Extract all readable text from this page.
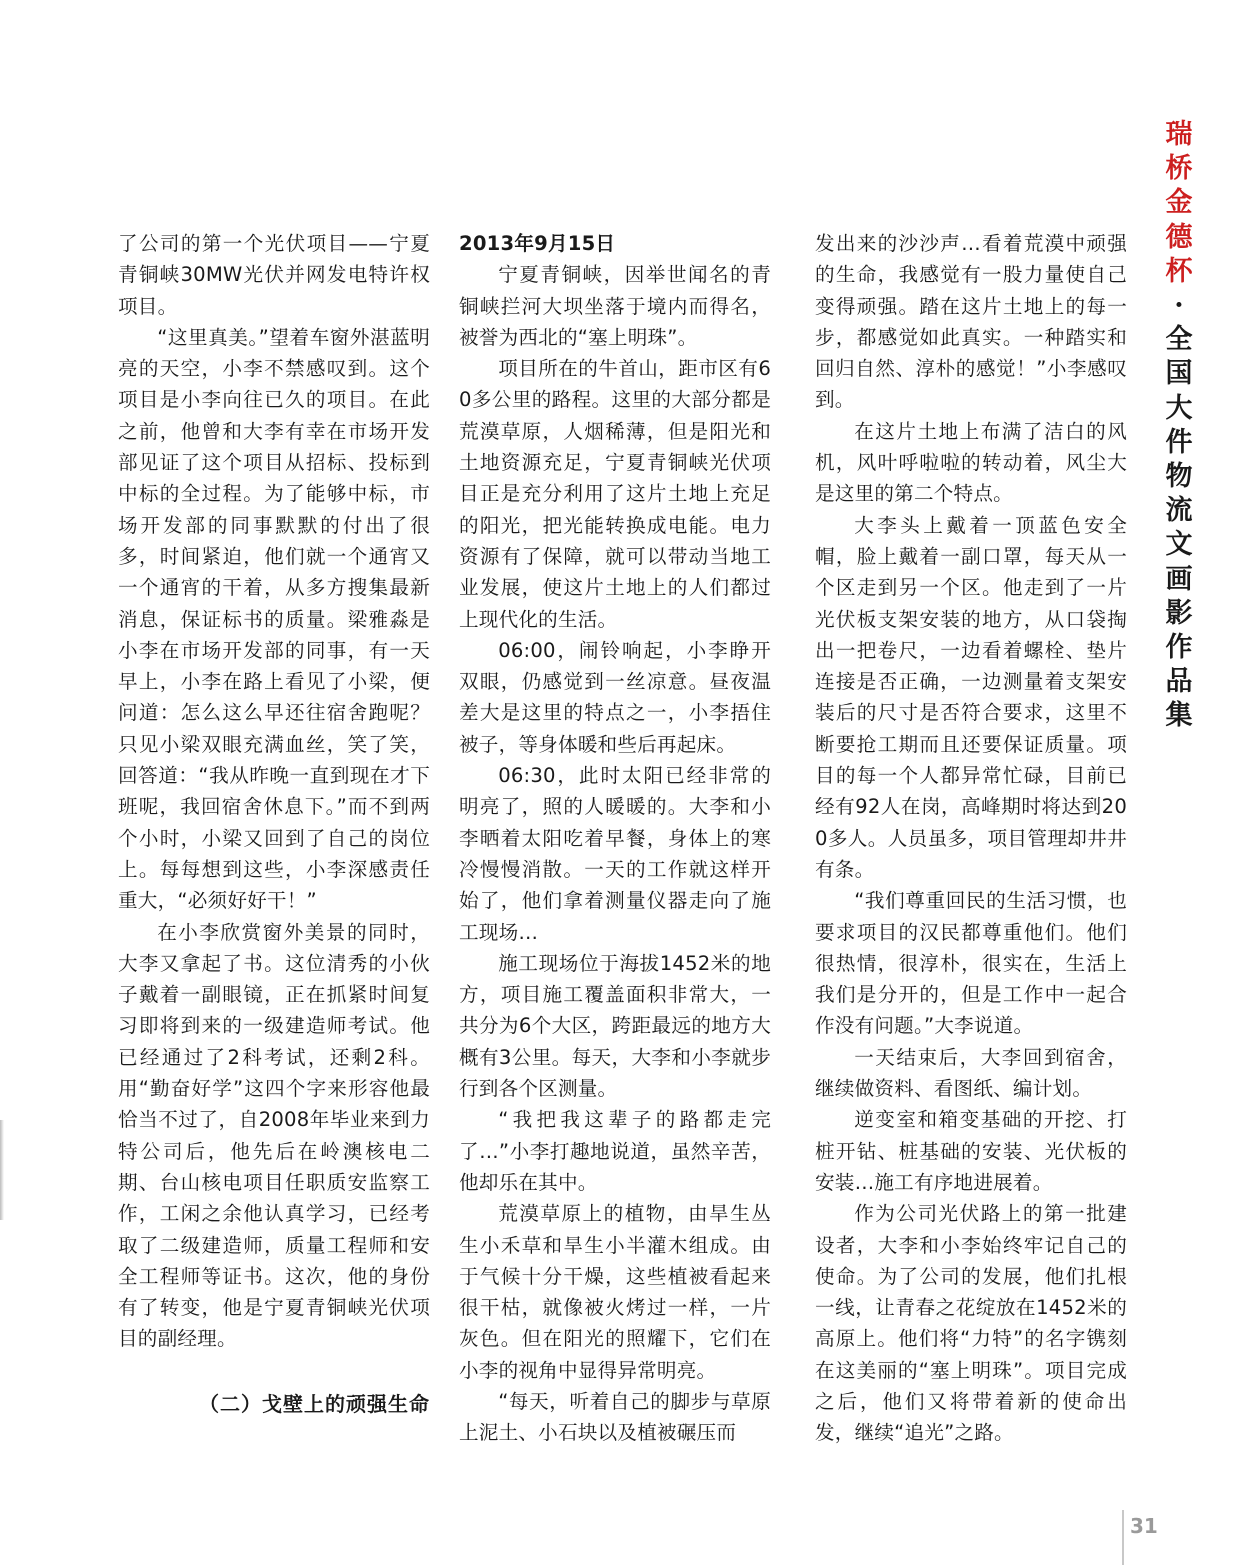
了公司的第一个光伏项目——宁夏青铜峡30MW光伏并网发电特许权项目。

“这里真美。”望着车窗外湛蓝明亮的天空，小李不禁感叹到。这个项目是小李向往已久的项目。在此之前，他曾和大李有幸在市场开发部见证了这个项目从招标、投标到中标的全过程。为了能够中标，市场开发部的同事默默的付出了很多，时间紧迫，他们就一个通宵又一个通宵的干着，从多方搜集最新消息，保证标书的质量。梁雅淼是小李在市场开发部的同事，有一天早上，小李在路上看见了小梁，便问道：怎么这么早还往宿舍跑呢？只见小梁双眼充满血丝，笑了笑，回答道：“我从昨晚一直到现在才下班呢，我回宿舍休息下。”而不到两个小时，小梁又回到了自己的岗位上。每每想到这些，小李深感责任重大，“必须好好干！”

在小李欣赏窗外美景的同时，大李又拿起了书。这位清秀的小伙子戴着一副眼镜，正在抓紧时间复习即将到来的一级建造师考试。他已经通过了2科考试，还剩2科。用“勤奋好学”这四个字来形容他最恰当不过了，自2008年毕业来到力特公司后，他先后在岭澳核电二期、台山核电项目任职质安监察工作，工闲之余他认真学习，已经考取了二级建造师，质量工程师和安全工程师等证书。这次，他的身份有了转变，他是宁夏青铜峡光伏项目的副经理。

（二）戈壁上的顽强生命

2013年9月15日

宁夏青铜峡，因举世闻名的青铜峡拦河大坝坐落于境内而得名，被誉为西北的“塞上明珠”。

项目所在的牛首山，距市区有60多公里的路程。这里的大部分都是荒漠草原，人烟稀薄，但是阳光和土地资源充足，宁夏青铜峡光伏项目正是充分利用了这片土地上充足的阳光，把光能转换成电能。电力资源有了保障，就可以带动当地工业发展，使这片土地上的人们都过上现代化的生活。

06:00，闹铃响起，小李睁开双眼，仍感觉到一丝凉意。昼夜温差大是这里的特点之一，小李捂住被子，等身体暖和些后再起床。

06:30，此时太阳已经非常的明亮了，照的人暖暖的。大李和小李晒着太阳吃着早餐，身体上的寒冷慢慢消散。一天的工作就这样开始了，他们拿着测量仪器走向了施工现场…

施工现场位于海拔1452米的地方，项目施工覆盖面积非常大，一共分为6个大区，跨距最远的地方大概有3公里。每天，大李和小李就步行到各个区测量。

“我把我这辈子的路都走完了…”小李打趣地说道，虽然辛苦，他却乐在其中。

荒漠草原上的植物，由旱生丛生小禾草和旱生小半灌木组成。由于气候十分干燥，这些植被看起来很干枯，就像被火烤过一样，一片灰色。但在阳光的照耀下，它们在小李的视角中显得异常明亮。

“每天，听着自己的脚步与草原上泥土、小石块以及植被碾压而

发出来的沙沙声…看着荒漠中顽强的生命，我感觉有一股力量使自己变得顽强。踏在这片土地上的每一步，都感觉如此真实。一种踏实和回归自然、淳朴的感觉！”小李感叹到。

在这片土地上布满了洁白的风机，风叶呼啦啦的转动着，风尘大是这里的第二个特点。

大李头上戴着一顶蓝色安全帽，脸上戴着一副口罩，每天从一个区走到另一个区。他走到了一片光伏板支架安装的地方，从口袋掏出一把卷尺，一边看着螺栓、垫片连接是否正确，一边测量着支架安装后的尺寸是否符合要求，这里不断要抢工期而且还要保证质量。项目的每一个人都异常忙碌，目前已经有92人在岗，高峰期时将达到200多人。人员虽多，项目管理却井井有条。

“我们尊重回民的生活习惯，也要求项目的汉民都尊重他们。他们很热情，很淳朴，很实在，生活上我们是分开的，但是工作中一起合作没有问题。”大李说道。

一天结束后，大李回到宿舍，继续做资料、看图纸、编计划。

逆变室和箱变基础的开挖、打桩开钻、桩基础的安装、光伏板的安装…施工有序地进展着。

作为公司光伏路上的第一批建设者，大李和小李始终牢记自己的使命。为了公司的发展，他们扎根一线，让青春之花绽放在1452米的高原上。他们将“力特”的名字镌刻在这美丽的“塞上明珠”。项目完成之后，他们又将带着新的使命出发，继续“追光”之路。

瑞
桥
金
德
杯
·
全
国
大
件
物
流
文
画
影
作
品
集
31
